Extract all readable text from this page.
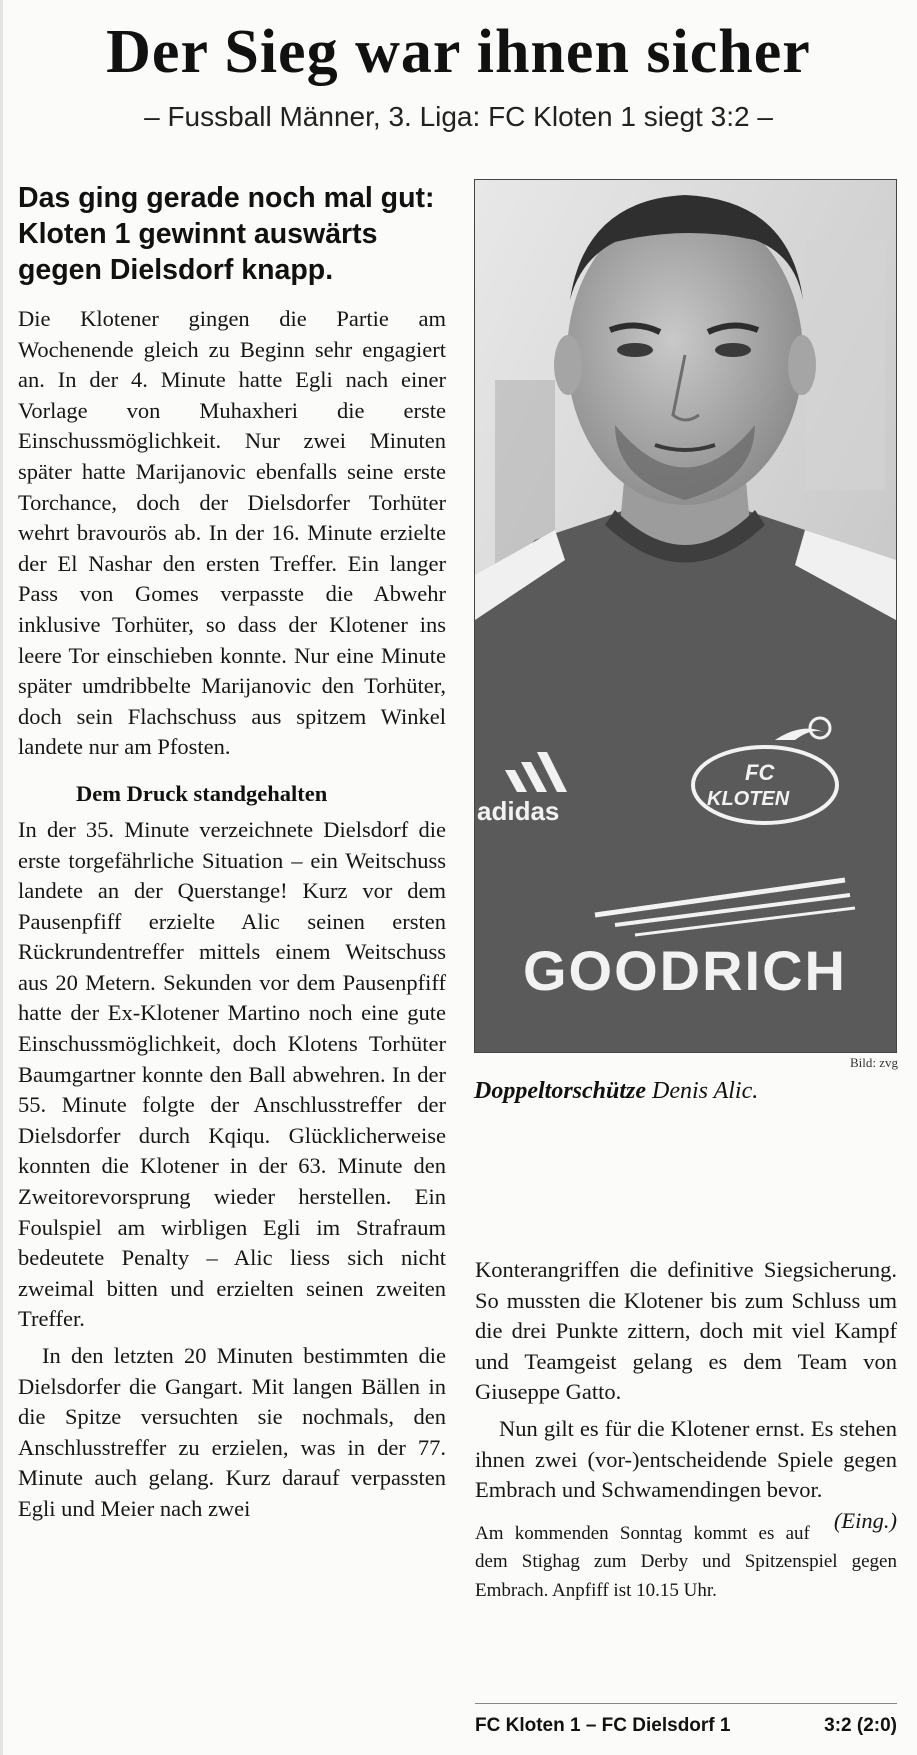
Der Sieg war ihnen sicher

– Fussball Männer, 3. Liga: FC Kloten 1 siegt 3:2 –

Das ging gerade noch mal gut: Kloten 1 gewinnt auswärts gegen Dielsdorf knapp.

Die Klotener gingen die Partie am Wochenende gleich zu Beginn sehr engagiert an. In der 4. Minute hatte Egli nach einer Vorlage von Muhaxheri die erste Einschussmöglichkeit. Nur zwei Minuten später hatte Marijanovic ebenfalls seine erste Torchance, doch der Dielsdorfer Torhüter wehrt bravourös ab. In der 16. Minute erzielte der El Nashar den ersten Treffer. Ein langer Pass von Gomes verpasste die Abwehr inklusive Torhüter, so dass der Klotener ins leere Tor einschieben konnte. Nur eine Minute später umdribbelte Marijanovic den Torhüter, doch sein Flachschuss aus spitzem Winkel landete nur am Pfosten.

Dem Druck standgehalten

In der 35. Minute verzeichnete Dielsdorf die erste torgefährliche Situation – ein Weitschuss landete an der Querstange! Kurz vor dem Pausenpfiff erzielte Alic seinen ersten Rückrundentreffer mittels einem Weitschuss aus 20 Metern. Sekunden vor dem Pausenpfiff hatte der Ex-Klotener Martino noch eine gute Einschussmöglichkeit, doch Klotens Torhüter Baumgartner konnte den Ball abwehren. In der 55. Minute folgte der Anschlusstreffer der Dielsdorfer durch Kqiqu. Glücklicherweise konnten die Klotener in der 63. Minute den Zweitorevorsprung wieder herstellen. Ein Foulspiel am wirbligen Egli im Strafraum bedeutete Penalty – Alic liess sich nicht zweimal bitten und erzielten seinen zweiten Treffer.

In den letzten 20 Minuten bestimmten die Dielsdorfer die Gangart. Mit langen Bällen in die Spitze versuchten sie nochmals, den Anschlusstreffer zu erzielen, was in der 77. Minute auch gelang. Kurz darauf verpassten Egli und Meier nach zwei

adidas
FC
KLOTEN
GOODRICH
Bild: zvg
Doppeltorschütze Denis Alic.

Konterangriffen die definitive Siegsicherung. So mussten die Klotener bis zum Schluss um die drei Punkte zittern, doch mit viel Kampf und Teamgeist gelang es dem Team von Giuseppe Gatto.

Nun gilt es für die Klotener ernst. Es stehen ihnen zwei (vor-)entscheidende Spiele gegen Embrach und Schwamendingen bevor.
(Eing.)

Am kommenden Sonntag kommt es auf dem Stighag zum Derby und Spitzenspiel gegen Embrach. Anpfiff ist 10.15 Uhr.

FC Kloten 1 – FC Dielsdorf 1	3:2 (2:0)
